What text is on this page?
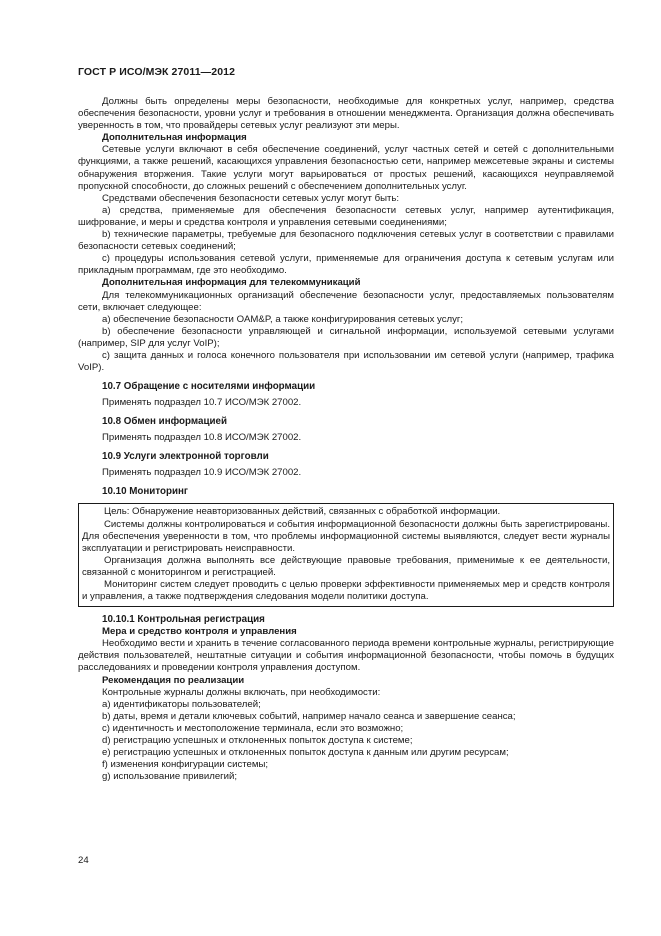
ГОСТ Р ИСО/МЭК 27011—2012

Должны быть определены меры безопасности, необходимые для конкретных услуг, например, средства обеспечения безопасности, уровни услуг и требования в отношении менеджмента. Организация должна обеспечивать уверенность в том, что провайдеры сетевых услуг реализуют эти меры.

Дополнительная информация

Сетевые услуги включают в себя обеспечение соединений, услуг частных сетей и сетей с дополнительными функциями, а также решений, касающихся управления безопасностью сети, например межсетевые экраны и системы обнаружения вторжения. Такие услуги могут варьироваться от простых решений, касающихся неуправляемой пропускной способности, до сложных решений с обеспечением дополнительных услуг.

Средствами обеспечения безопасности сетевых услуг могут быть:

a) средства, применяемые для обеспечения безопасности сетевых услуг, например аутентификация, шифрование, и меры и средства контроля и управления сетевыми соединениями;

b) технические параметры, требуемые для безопасного подключения сетевых услуг в соответствии с правилами безопасности сетевых соединений;

c) процедуры использования сетевой услуги, применяемые для ограничения доступа к сетевым услугам или прикладным программам, где это необходимо.

Дополнительная информация для телекоммуникаций

Для телекоммуникационных организаций обеспечение безопасности услуг, предоставляемых пользователям сети, включает следующее:

a) обеспечение безопасности OAM&P, а также конфигурирования сетевых услуг;

b) обеспечение безопасности управляющей и сигнальной информации, используемой сетевыми услугами (например, SIP для услуг VoIP);

c) защита данных и голоса конечного пользователя при использовании им сетевой услуги (например, трафика VoIP).

10.7 Обращение с носителями информации

Применять подраздел 10.7 ИСО/МЭК 27002.

10.8 Обмен информацией

Применять подраздел 10.8 ИСО/МЭК 27002.

10.9 Услуги электронной торговли

Применять подраздел 10.9 ИСО/МЭК 27002.

10.10 Мониторинг

Цель: Обнаружение неавторизованных действий, связанных с обработкой информации.

Системы должны контролироваться и события информационной безопасности должны быть зарегистрированы. Для обеспечения уверенности в том, что проблемы информационной системы выявляются, следует вести журналы эксплуатации и регистрировать неисправности.

Организация должна выполнять все действующие правовые требования, применимые к ее деятельности, связанной с мониторингом и регистрацией.

Мониторинг систем следует проводить с целью проверки эффективности применяемых мер и средств контроля и управления, а также подтверждения следования модели политики доступа.

10.10.1 Контрольная регистрация

Мера и средство контроля и управления

Необходимо вести и хранить в течение согласованного периода времени контрольные журналы, регистрирующие действия пользователей, нештатные ситуации и события информационной безопасности, чтобы помочь в будущих расследованиях и проведении контроля управления доступом.

Рекомендация по реализации

Контрольные журналы должны включать, при необходимости:

a) идентификаторы пользователей;

b) даты, время и детали ключевых событий, например начало сеанса и завершение сеанса;

c) идентичность и местоположение терминала, если это возможно;

d) регистрацию успешных и отклоненных попыток доступа к системе;

e) регистрацию успешных и отклоненных попыток доступа к данным или другим ресурсам;

f) изменения конфигурации системы;

g) использование привилегий;

24
